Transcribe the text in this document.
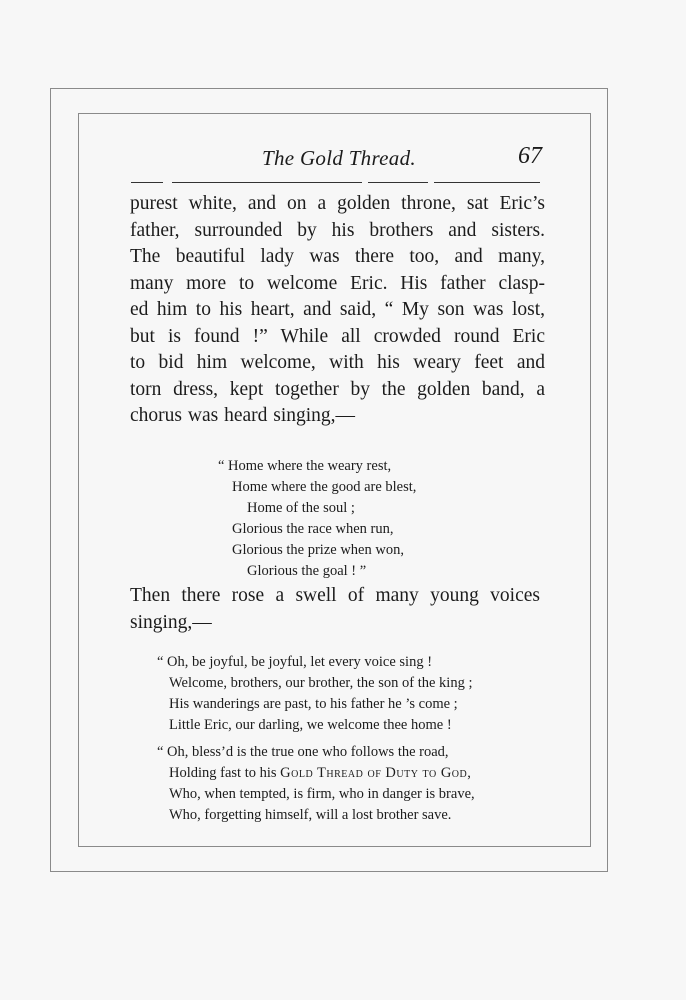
The Gold Thread.	67
purest white, and on a golden throne, sat Eric’s
father, surrounded by his brothers and sisters.
The beautiful lady was there too, and many,
many more to welcome Eric. His father clasp-
ed him to his heart, and said, “ My son was lost,
but is found !” While all crowded round Eric
to bid him welcome, with his weary feet and
torn dress, kept together by the golden band, a
chorus was heard singing,—
“ Home where the weary rest,
Home where the good are blest,
Home of the soul ;
Glorious the race when run,
Glorious the prize when won,
Glorious the goal ! ”
Then there rose a swell of many young voices
singing,—
“ Oh, be joyful, be joyful, let every voice sing !
Welcome, brothers, our brother, the son of the king ;
His wanderings are past, to his father he ’s come ;
Little Eric, our darling, we welcome thee home !
“ Oh, bless’d is the true one who follows the road,
Holding fast to his Gold Thread of Duty to God,
Who, when tempted, is firm, who in danger is brave,
Who, forgetting himself, will a lost brother save.
